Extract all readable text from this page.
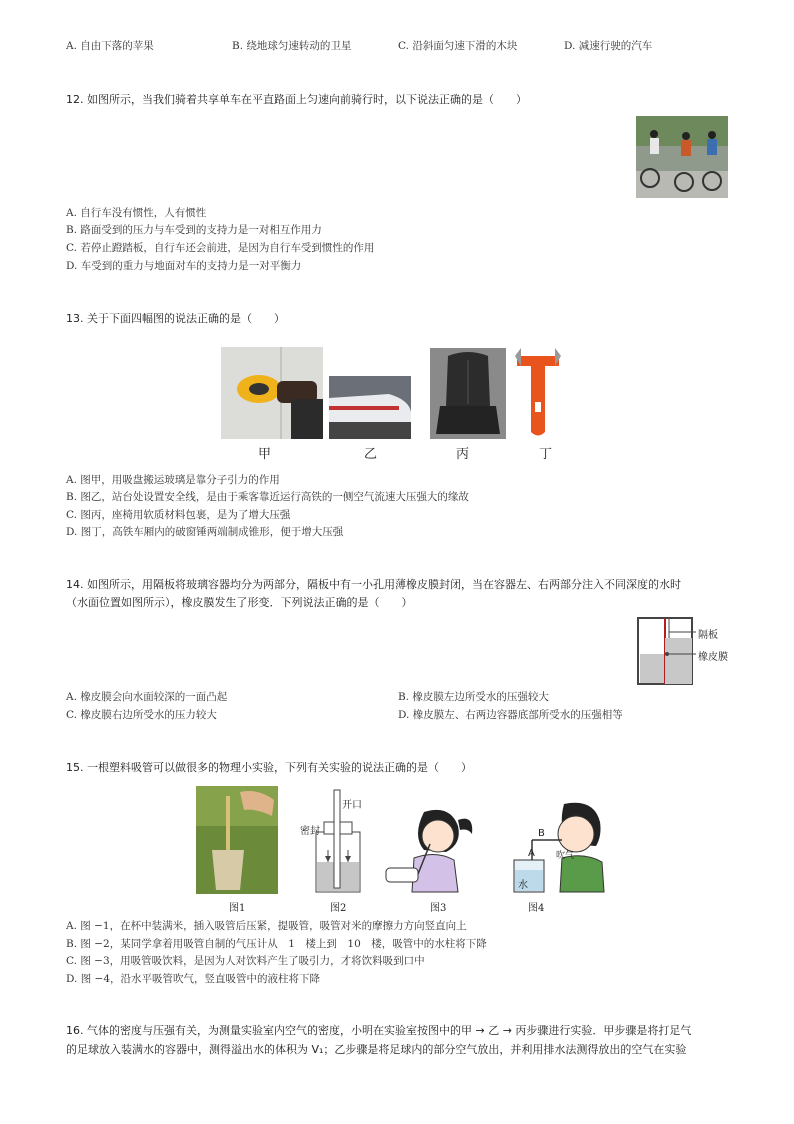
A. 自由下落的苹果	B. 绕地球匀速转动的卫星	C. 沿斜面匀速下滑的木块	D. 减速行驶的汽车
12. 如图所示，当我们骑着共享单车在平直路面上匀速向前骑行时，以下说法正确的是（　　）
A. 自行车没有惯性，人有惯性
B. 路面受到的压力与车受到的支持力是一对相互作用力
C. 若停止蹬踏板，自行车还会前进，是因为自行车受到惯性的作用
D. 车受到的重力与地面对车的支持力是一对平衡力
13. 关于下面四幅图的说法正确的是（　　）
甲	乙	丙	丁
A. 图甲，用吸盘搬运玻璃是靠分子引力的作用
B. 图乙，站台处设置安全线，是由于乘客靠近运行高铁的一侧空气流速大压强大的缘故
C. 图丙，座椅用软质材料包裹，是为了增大压强
D. 图丁，高铁车厢内的破窗锤两端制成锥形，便于增大压强
14. 如图所示，用隔板将玻璃容器均分为两部分，隔板中有一小孔用薄橡皮膜封闭，当在容器左、右两部分注入不同深度的水时
（水面位置如图所示），橡皮膜发生了形变．下列说法正确的是（　　）
隔板
橡皮膜
A. 橡皮膜会向水面较深的一面凸起	B. 橡皮膜左边所受水的压强较大
C. 橡皮膜右边所受水的压力较大	D. 橡皮膜左、右两边容器底部所受水的压强相等
15. 一根塑料吸管可以做很多的物理小实验，下列有关实验的说法正确的是（　　）
开口
密封	B
A 吹气
水
图1	图2	图3	图4
A. 图 −1，在杯中装满米，插入吸管后压紧，提吸管，吸管对米的摩擦力方向竖直向上
B. 图 −2，某同学拿着用吸管自制的气压计从　1　楼上到　10　楼，吸管中的水柱将下降
C. 图 −3，用吸管吸饮料，是因为人对饮料产生了吸引力，才将饮料吸到口中
D. 图 −4，沿水平吸管吹气，竖直吸管中的液柱将下降
16. 气体的密度与压强有关，为测量实验室内空气的密度，小明在实验室按图中的甲 → 乙 → 丙步骤进行实验．甲步骤是将打足气
的足球放入装满水的容器中，测得溢出水的体积为 V₁；乙步骤是将足球内的部分空气放出，并利用排水法测得放出的空气在实验
